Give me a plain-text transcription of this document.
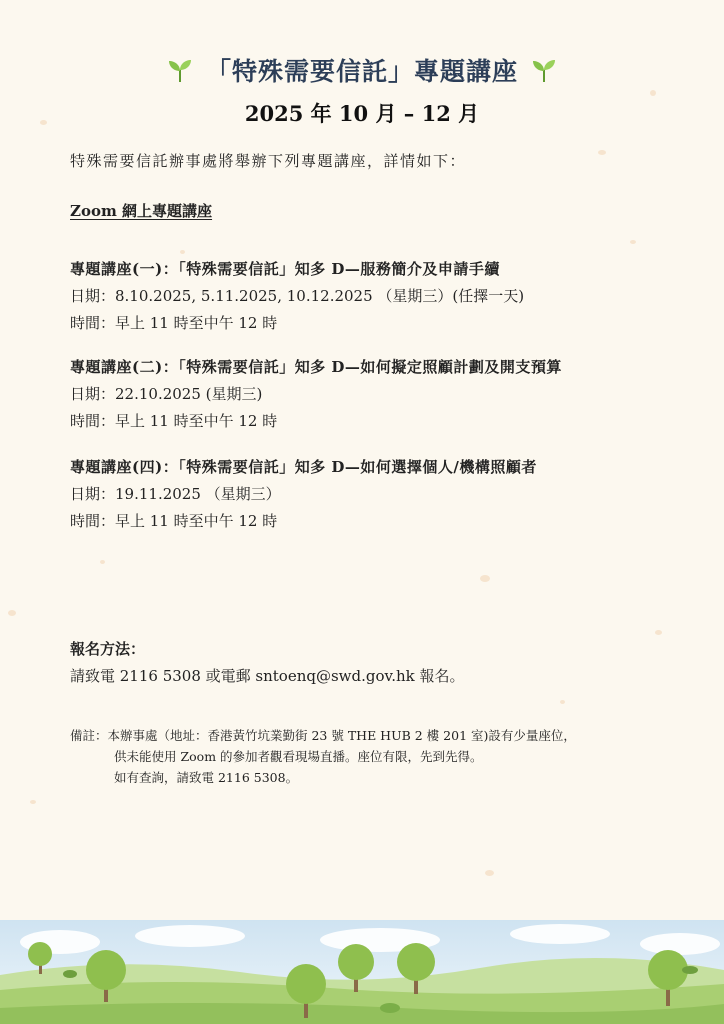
「特殊需要信託」專題講座
2025 年 10 月 – 12 月
特殊需要信託辦事處將舉辦下列專題講座，詳情如下：
Zoom 網上專題講座
專題講座(一)：「特殊需要信託」知多 D—服務簡介及申請手續
日期：8.10.2025, 5.11.2025, 10.12.2025 （星期三）(任擇一天)
時間：早上 11 時至中午 12 時
專題講座(二)：「特殊需要信託」知多 D—如何擬定照顧計劃及開支預算
日期：22.10.2025 (星期三)
時間：早上 11 時至中午 12 時
專題講座(四)：「特殊需要信託」知多 D—如何選擇個人/機構照顧者
日期：19.11.2025 （星期三）
時間：早上 11 時至中午 12 時
報名方法：
請致電 2116 5308 或電郵 sntoenq@swd.gov.hk 報名。
備註：本辦事處（地址：香港黃竹坑業勤街 23 號 THE HUB 2 樓 201 室)設有少量座位，
供未能使用 Zoom 的參加者觀看現場直播。座位有限，先到先得。
如有查詢，請致電 2116 5308。
